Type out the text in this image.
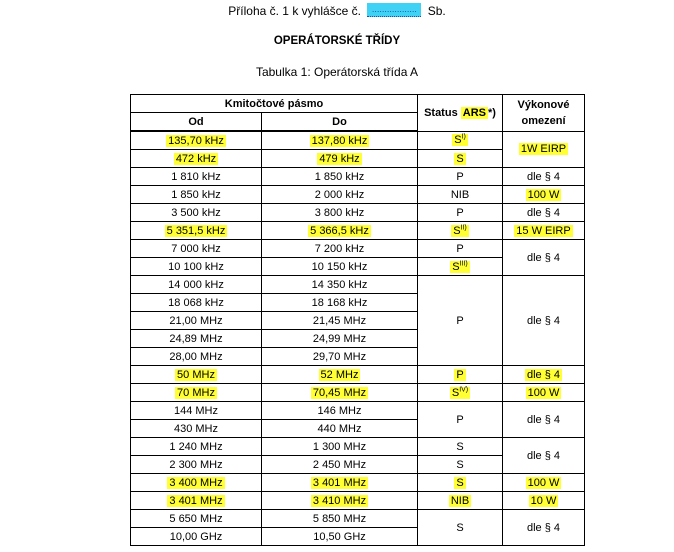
Příloha č. 1 k vyhlášce č. .................. Sb.
OPERÁTORSKÉ TŘÍDY
Tabulka 1: Operátorská třída A
Kmitočtové pásmo		Status ARS *)	Výkonové omezení
Od	Do		
135,70 kHz	137,80 kHz	$S^{I)}$	1W EIRP
472 kHz	479 kHz	S	
1 810 kHz	1 850 kHz	P	dle § 4
1 850 kHz	2 000 kHz	NIB	100 W
3 500 kHz	3 800 kHz	P	dle § 4
5 351,5 kHz	5 366,5 kHz	$S^{II)}$	15 W EIRP
7 000 kHz	7 200 kHz	P	dle § 4
10 100 kHz	10 150 kHz	$S^{III)}$
14 000 kHz	14 350 kHz	P	dle § 4
18 068 kHz	18 168 kHz		
21,00 MHz	21,45 MHz		
24,89 MHz	24,99 MHz		
28,00 MHz	29,70 MHz		
50 MHz	52 MHz	P	dle § 4
70 MHz	70,45 MHz	$S^{IV)}$	100 W
144 MHz	146 MHz	P	dle § 4
430 MHz	440 MHz		
1 240 MHz	1 300 MHz	S	dle § 4
2 300 MHz	2 450 MHz	S	
3 400 MHz	3 401 MHz	S	100 W
3 401 MHz	3 410 MHz	NIB	10 W
5 650 MHz	5 850 MHz	S	dle § 4
10,00 GHz	10,50 GHz		
